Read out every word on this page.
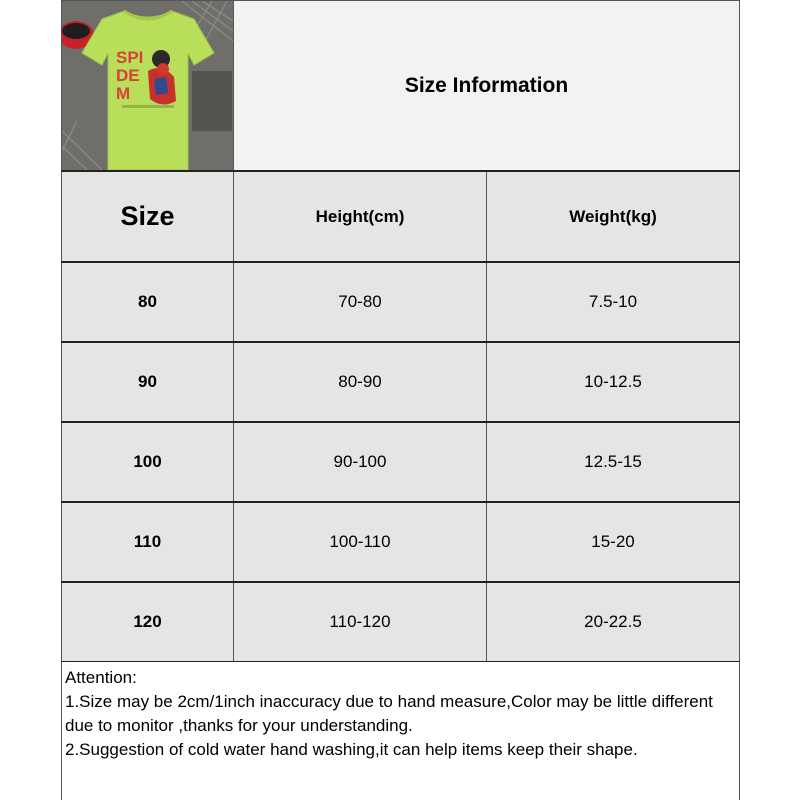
SPI
DE
M	Size Information
Size	Height(cm)	Weight(kg)
80	70-80	7.5-10
90	80-90	10-12.5
100	90-100	12.5-15
110	100-110	15-20
120	110-120	20-22.5
Attention:
1.Size may be 2cm/1inch inaccuracy due to hand measure,Color may be little different due to monitor ,thanks for your understanding.
2.Suggestion of cold water hand washing,it can help items keep their shape.
